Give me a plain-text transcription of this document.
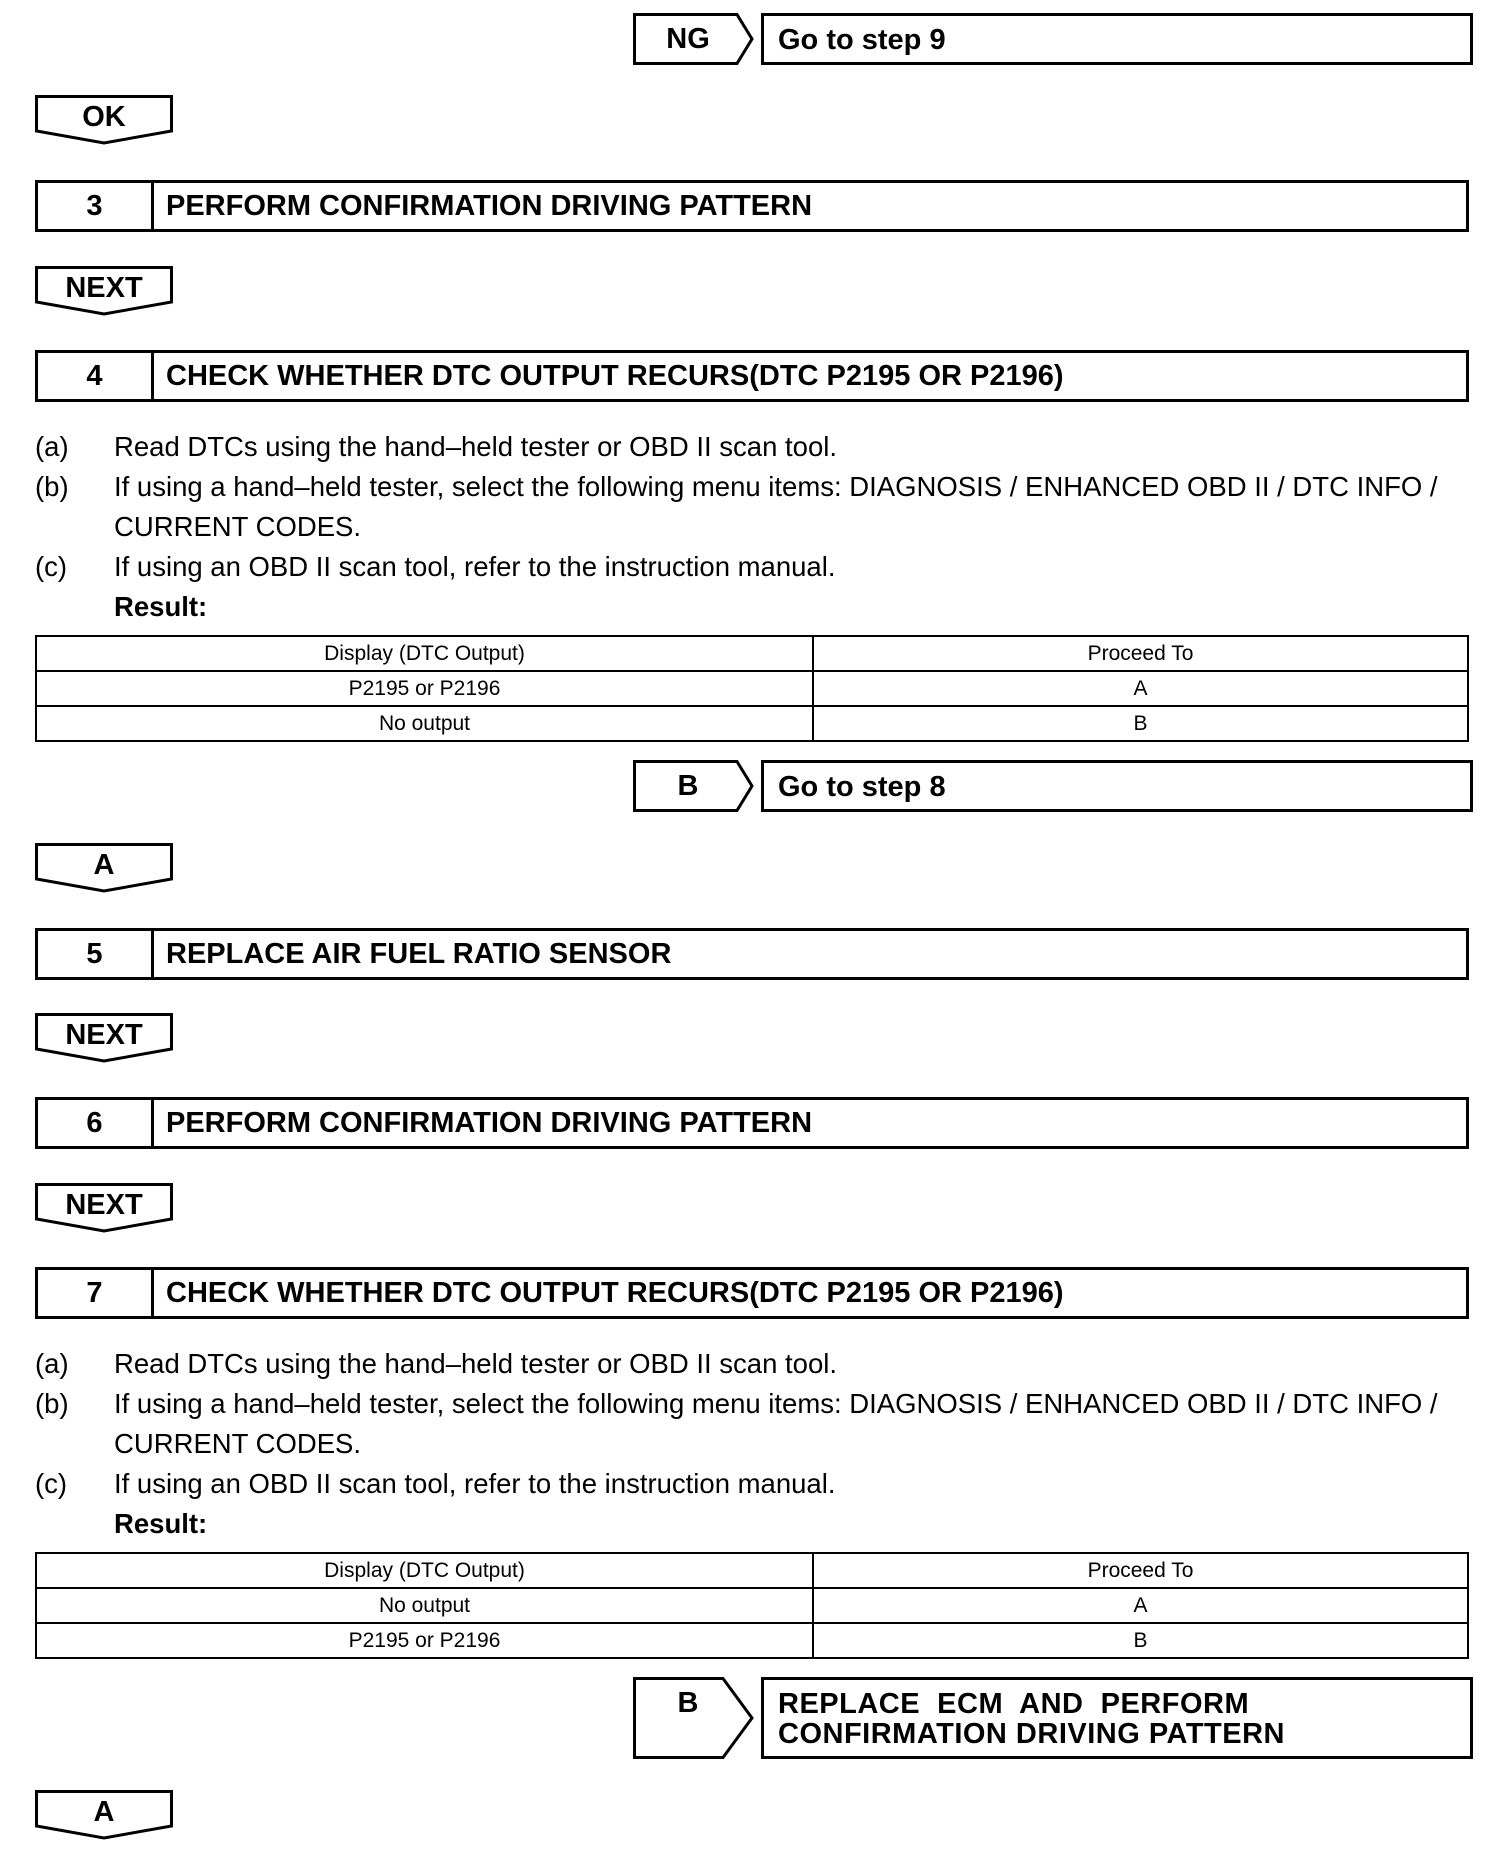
NG	Go to step 9
OK
3	PERFORM CONFIRMATION DRIVING PATTERN
NEXT
4	CHECK WHETHER DTC OUTPUT RECURS(DTC P2195 OR P2196)
(a)	Read DTCs using the hand–held tester or OBD II scan tool.
(b)	If using a hand–held tester, select the following menu items: DIAGNOSIS / ENHANCED OBD II / DTC INFO / CURRENT CODES.
(c)	If using an OBD II scan tool, refer to the instruction manual.
Result:
Display (DTC Output)	Proceed To
P2195 or P2196	A
No output	B
B	Go to step 8
A
5	REPLACE AIR FUEL RATIO SENSOR
NEXT
6	PERFORM CONFIRMATION DRIVING PATTERN
NEXT
7	CHECK WHETHER DTC OUTPUT RECURS(DTC P2195 OR P2196)
(a)	Read DTCs using the hand–held tester or OBD II scan tool.
(b)	If using a hand–held tester, select the following menu items: DIAGNOSIS / ENHANCED OBD II / DTC INFO / CURRENT CODES.
(c)	If using an OBD II scan tool, refer to the instruction manual.
Result:
Display (DTC Output)	Proceed To
No output	A
P2195 or P2196	B
B	REPLACE  ECM  AND  PERFORM
CONFIRMATION DRIVING PATTERN
A
